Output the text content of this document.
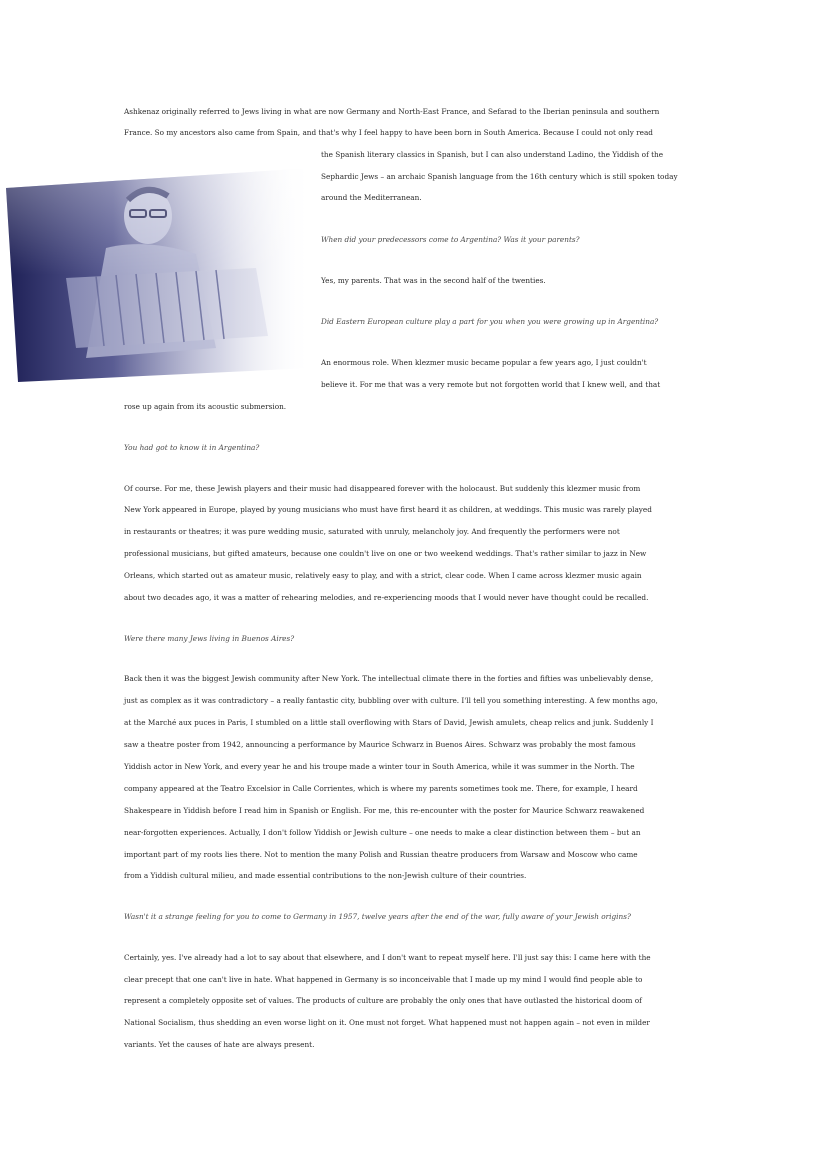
Ashkenaz originally referred to Jews living in what are now Germany and North-East France, and Sefarad to the Iberian peninsula and southern
France. So my ancestors also came from Spain, and that's why I feel happy to have been born in South America. Because I could not only read
the Spanish literary classics in Spanish, but I can also understand Ladino, the Yiddish of the
Sephardic Jews – an archaic Spanish language from the 16th century which is still spoken today
around the Mediterranean.
When did your predecessors come to Argentina? Was it your parents?
Yes, my parents. That was in the second half of the twenties.
Did Eastern European culture play a part for you when you were growing up in Argentina?
An enormous role. When klezmer music became popular a few years ago, I just couldn't
believe it. For me that was a very remote but not forgotten world that I knew well, and that
rose up again from its acoustic submersion.
You had got to know it in Argentina?
Of course. For me, these Jewish players and their music had disappeared forever with the holocaust. But suddenly this klezmer music from
New York appeared in Europe, played by young musicians who must have first heard it as children, at weddings. This music was rarely played
in restaurants or theatres; it was pure wedding music, saturated with unruly, melancholy joy. And frequently the performers were not
professional musicians, but gifted amateurs, because one couldn't live on one or two weekend weddings. That's rather similar to jazz in New
Orleans, which started out as amateur music, relatively easy to play, and with a strict, clear code. When I came across klezmer music again
about two decades ago, it was a matter of rehearing melodies, and re-experiencing moods that I would never have thought could be recalled.
Were there many Jews living in Buenos Aires?
Back then it was the biggest Jewish community after New York. The intellectual climate there in the forties and fifties was unbelievably dense,
just as complex as it was contradictory – a really fantastic city, bubbling over with culture. I'll tell you something interesting. A few months ago,
at the Marché aux puces in Paris, I stumbled on a little stall overflowing with Stars of David, Jewish amulets, cheap relics and junk. Suddenly I
saw a theatre poster from 1942, announcing a performance by Maurice Schwarz in Buenos Aires. Schwarz was probably the most famous
Yiddish actor in New York, and every year he and his troupe made a winter tour in South America, while it was summer in the North. The
company appeared at the Teatro Excelsior in Calle Corrientes, which is where my parents sometimes took me. There, for example, I heard
Shakespeare in Yiddish before I read him in Spanish or English. For me, this re-encounter with the poster for Maurice Schwarz reawakened
near-forgotten experiences. Actually, I don't follow Yiddish or Jewish culture – one needs to make a clear distinction between them – but an
important part of my roots lies there. Not to mention the many Polish and Russian theatre producers from Warsaw and Moscow who came
from a Yiddish cultural milieu, and made essential contributions to the non-Jewish culture of their countries.
Wasn't it a strange feeling for you to come to Germany in 1957, twelve years after the end of the war, fully aware of your Jewish origins?
Certainly, yes. I've already had a lot to say about that elsewhere, and I don't want to repeat myself here. I'll just say this: I came here with the
clear precept that one can't live in hate. What happened in Germany is so inconceivable that I made up my mind I would find people able to
represent a completely opposite set of values. The products of culture are probably the only ones that have outlasted the historical doom of
National Socialism, thus shedding an even worse light on it. One must not forget. What happened must not happen again – not even in milder
variants. Yet the causes of hate are always present.
